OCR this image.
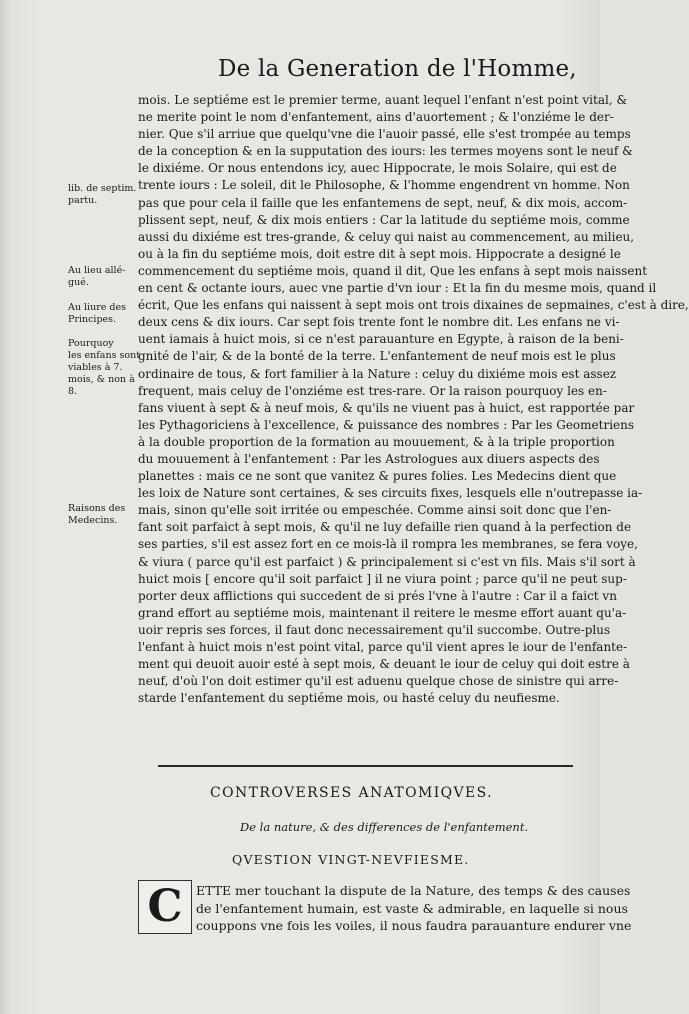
De la Generation de l'Homme,
mois. Le septiéme est le premier terme, auant lequel l'enfant n'est point vital, &
ne merite point le nom d'enfantement, ains d'auortement ; & l'onziéme le der-
nier. Que s'il arriue que quelqu'vne die l'auoir passé, elle s'est trompée au temps
de la conception & en la supputation des iours: les termes moyens sont le neuf &
le dixiéme. Or nous entendons icy, auec Hippocrate, le mois Solaire, qui est de
trente iours : Le soleil, dit le Philosophe, & l'homme engendrent vn homme. Non
pas que pour cela il faille que les enfantemens de sept, neuf, & dix mois, accom-
plissent sept, neuf, & dix mois entiers : Car la latitude du septiéme mois, comme
aussi du dixiéme est tres-grande, & celuy qui naist au commencement, au milieu,
ou à la fin du septiéme mois, doit estre dit à sept mois. Hippocrate a designé le
commencement du septiéme mois, quand il dit, Que les enfans à sept mois naissent
en cent & octante iours, auec vne partie d'vn iour : Et la fin du mesme mois, quand il
écrit, Que les enfans qui naissent à sept mois ont trois dixaines de sepmaines, c'est à dire,
deux cens & dix iours. Car sept fois trente font le nombre dit. Les enfans ne vi-
uent iamais à huict mois, si ce n'est parauanture en Egypte, à raison de la beni-
gnité de l'air, & de la bonté de la terre. L'enfantement de neuf mois est le plus
ordinaire de tous, & fort familier à la Nature : celuy du dixiéme mois est assez
frequent, mais celuy de l'onziéme est tres-rare. Or la raison pourquoy les en-
fans viuent à sept & à neuf mois, & qu'ils ne viuent pas à huict, est rapportée par
les Pythagoriciens à l'excellence, & puissance des nombres : Par les Geometriens
à la double proportion de la formation au mouuement, & à la triple proportion
du mouuement à l'enfantement : Par les Astrologues aux diuers aspects des
planettes : mais ce ne sont que vanitez & pures folies. Les Medecins dient que
les loix de Nature sont certaines, & ses circuits fixes, lesquels elle n'outrepasse ia-
mais, sinon qu'elle soit irritée ou empeschée. Comme ainsi soit donc que l'en-
fant soit parfaict à sept mois, & qu'il ne luy defaille rien quand à la perfection de
ses parties, s'il est assez fort en ce mois-là il rompra les membranes, se fera voye,
& viura ( parce qu'il est parfaict ) & principalement si c'est vn fils. Mais s'il sort à
huict mois [ encore qu'il soit parfaict ] il ne viura point ; parce qu'il ne peut sup-
porter deux afflictions qui succedent de si prés l'vne à l'autre : Car il a faict vn
grand effort au septiéme mois, maintenant il reitere le mesme effort auant qu'a-
uoir repris ses forces, il faut donc necessairement qu'il succombe. Outre-plus
l'enfant à huict mois n'est point vital, parce qu'il vient apres le iour de l'enfante-
ment qui deuoit auoir esté à sept mois, & deuant le iour de celuy qui doit estre à
neuf, d'où l'on doit estimer qu'il est aduenu quelque chose de sinistre qui arre-
starde l'enfantement du septiéme mois, ou hasté celuy du neufiesme.
lib. de septim.
partu.
Au lieu allé-
gué.
Au liure des
Principes.
Pourquoy
les enfans sont
viables à 7.
mois, & non à
8.
Raisons des
Medecins.
CONTROVERSES ANATOMIQVES.
De la nature, & des differences de l'enfantement.
QVESTION VINGT-NEVFIESME.
C	ETTE mer touchant la dispute de la Nature, des temps & des causes
de l'enfantement humain, est vaste & admirable, en laquelle si nous
couppons vne fois les voiles, il nous faudra parauanture endurer vne
